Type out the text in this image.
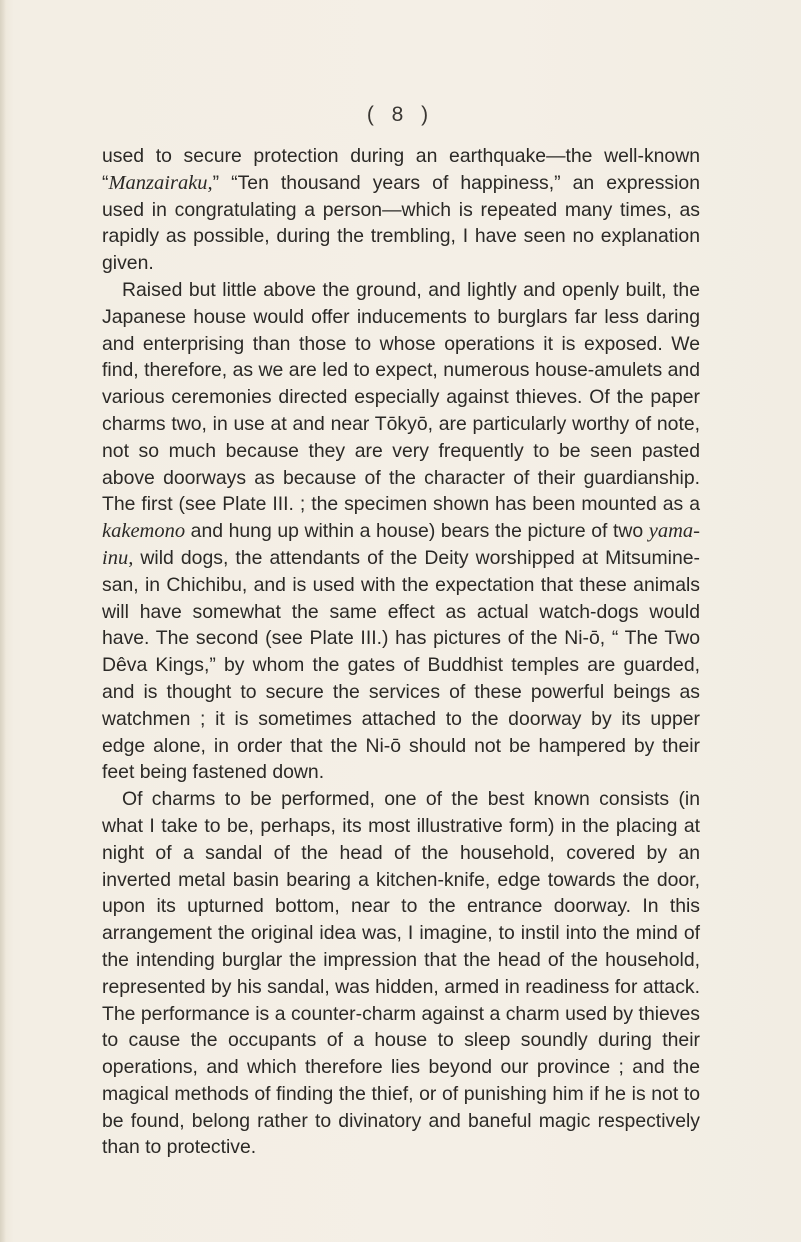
( 8 )

used to secure protection during an earthquake—the well-known “Manzairaku,” “Ten thousand years of happiness,” an expression used in congratulating a person—which is repeated many times, as rapidly as possible, during the trembling, I have seen no explanation given.

Raised but little above the ground, and lightly and openly built, the Japanese house would offer inducements to burglars far less daring and enterprising than those to whose operations it is exposed. We find, therefore, as we are led to expect, numerous house-amulets and various ceremonies directed especially against thieves. Of the paper charms two, in use at and near Tōkyō, are particularly worthy of note, not so much because they are very frequently to be seen pasted above doorways as because of the character of their guardianship. The first (see Plate III. ; the specimen shown has been mounted as a kakemono and hung up within a house) bears the picture of two yama-inu, wild dogs, the attendants of the Deity worshipped at Mitsumine-san, in Chichibu, and is used with the expectation that these animals will have somewhat the same effect as actual watch-dogs would have. The second (see Plate III.) has pictures of the Ni-ō, “ The Two Dêva Kings,” by whom the gates of Buddhist temples are guarded, and is thought to secure the services of these powerful beings as watchmen ; it is sometimes attached to the doorway by its upper edge alone, in order that the Ni-ō should not be hampered by their feet being fastened down.

Of charms to be performed, one of the best known consists (in what I take to be, perhaps, its most illustrative form) in the placing at night of a sandal of the head of the household, covered by an inverted metal basin bearing a kitchen-knife, edge towards the door, upon its upturned bottom, near to the entrance doorway. In this arrangement the original idea was, I imagine, to instil into the mind of the intending burglar the impression that the head of the household, represented by his sandal, was hidden, armed in readiness for attack. The performance is a counter-charm against a charm used by thieves to cause the occupants of a house to sleep soundly during their operations, and which therefore lies beyond our province ; and the magical methods of finding the thief, or of punishing him if he is not to be found, belong rather to divinatory and baneful magic respectively than to protective.
